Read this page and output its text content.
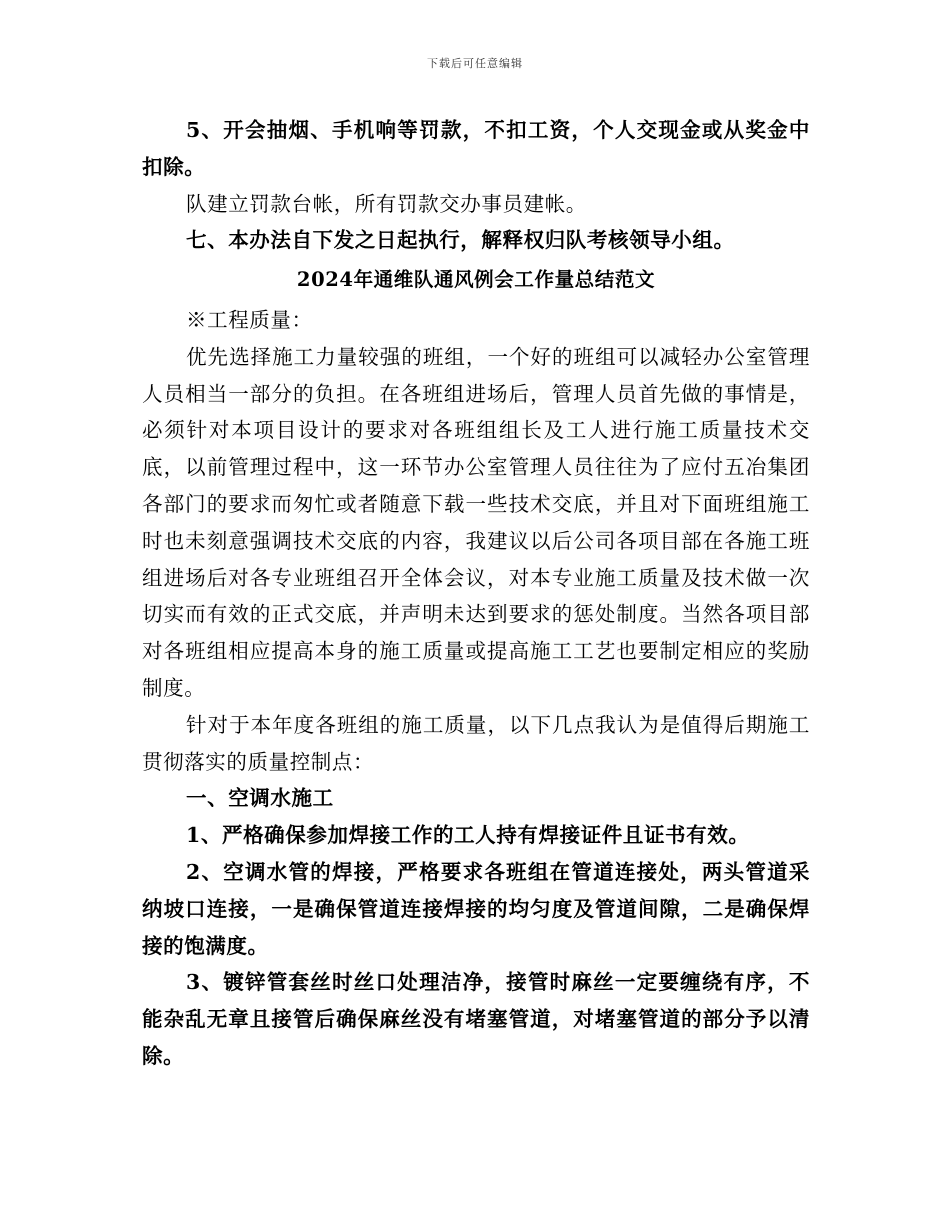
下载后可任意编辑

5、开会抽烟、手机响等罚款，不扣工资，个人交现金或从奖金中扣除。

队建立罚款台帐，所有罚款交办事员建帐。

七、本办法自下发之日起执行，解释权归队考核领导小组。

2024年通维队通风例会工作量总结范文

※工程质量：

优先选择施工力量较强的班组，一个好的班组可以减轻办公室管理人员相当一部分的负担。在各班组进场后，管理人员首先做的事情是，必须针对本项目设计的要求对各班组组长及工人进行施工质量技术交底，以前管理过程中，这一环节办公室管理人员往往为了应付五冶集团各部门的要求而匆忙或者随意下载一些技术交底，并且对下面班组施工时也未刻意强调技术交底的内容，我建议以后公司各项目部在各施工班组进场后对各专业班组召开全体会议，对本专业施工质量及技术做一次切实而有效的正式交底，并声明未达到要求的惩处制度。当然各项目部对各班组相应提高本身的施工质量或提高施工工艺也要制定相应的奖励制度。

针对于本年度各班组的施工质量，以下几点我认为是值得后期施工贯彻落实的质量控制点：

一、空调水施工

1、严格确保参加焊接工作的工人持有焊接证件且证书有效。

2、空调水管的焊接，严格要求各班组在管道连接处，两头管道采纳坡口连接，一是确保管道连接焊接的均匀度及管道间隙，二是确保焊接的饱满度。

3、镀锌管套丝时丝口处理洁净，接管时麻丝一定要缠绕有序，不能杂乱无章且接管后确保麻丝没有堵塞管道，对堵塞管道的部分予以清除。
